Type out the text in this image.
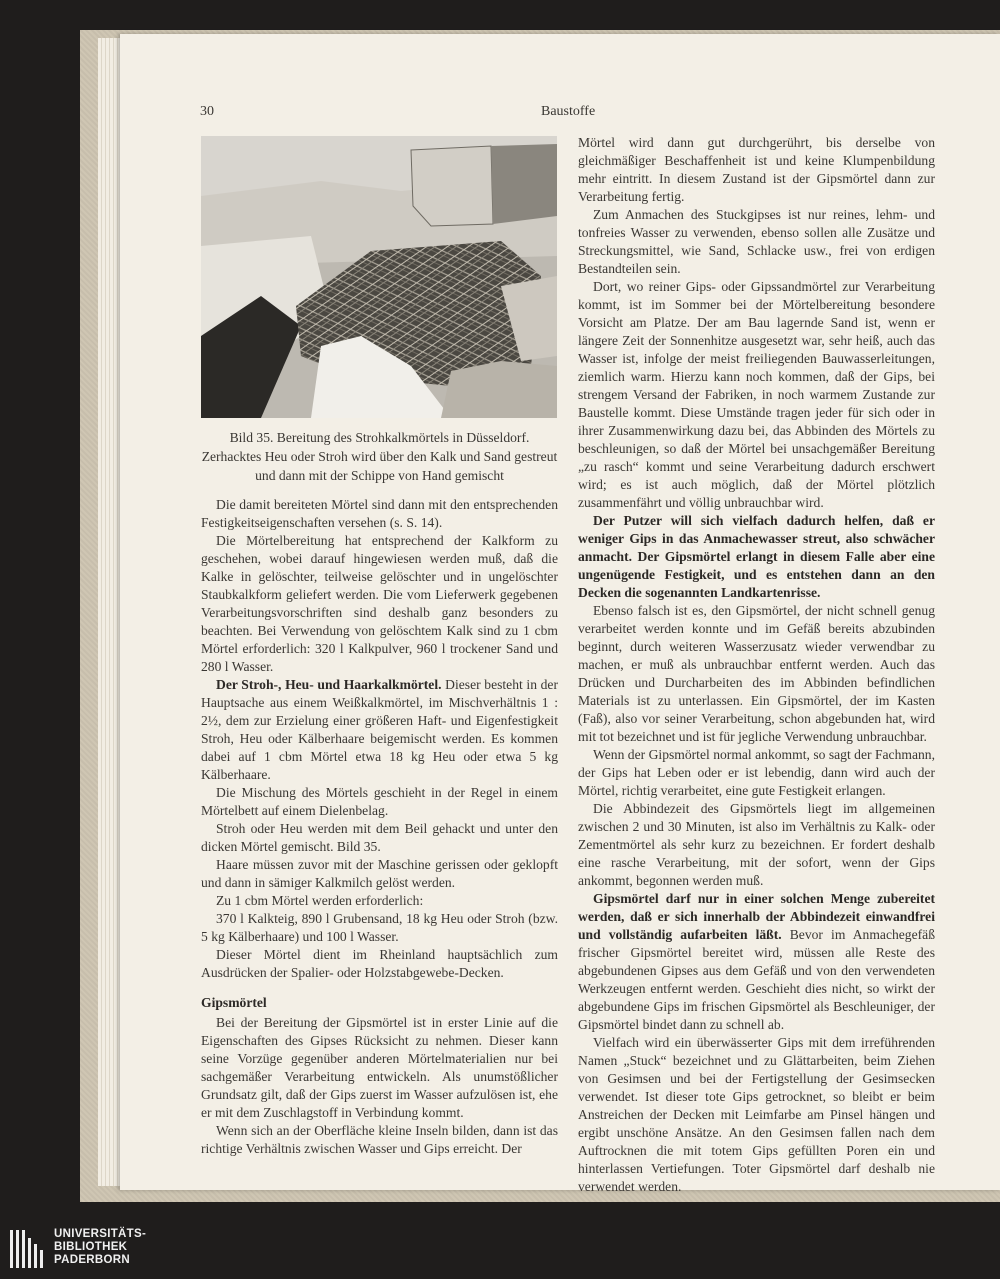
30	Baustoffe
Bild 35. Bereitung des Strohkalkmörtels in Düsseldorf. Zerhacktes Heu oder Stroh wird über den Kalk und Sand gestreut und dann mit der Schippe von Hand gemischt

Die damit bereiteten Mörtel sind dann mit den entsprechenden Festigkeitseigenschaften versehen (s. S. 14).

Die Mörtelbereitung hat entsprechend der Kalkform zu geschehen, wobei darauf hingewiesen werden muß, daß die Kalke in gelöschter, teilweise gelöschter und in ungelöschter Staubkalkform geliefert werden. Die vom Lieferwerk gegebenen Verarbeitungsvorschriften sind deshalb ganz besonders zu beachten. Bei Verwendung von gelöschtem Kalk sind zu 1 cbm Mörtel erforderlich: 320 l Kalkpulver, 960 l trockener Sand und 280 l Wasser.

Der Stroh-, Heu- und Haarkalkmörtel. Dieser besteht in der Hauptsache aus einem Weißkalkmörtel, im Mischverhältnis 1 : 2½, dem zur Erzielung einer größeren Haft- und Eigenfestigkeit Stroh, Heu oder Kälberhaare beigemischt werden. Es kommen dabei auf 1 cbm Mörtel etwa 18 kg Heu oder etwa 5 kg Kälberhaare.

Die Mischung des Mörtels geschieht in der Regel in einem Mörtelbett auf einem Dielenbelag.

Stroh oder Heu werden mit dem Beil gehackt und unter den dicken Mörtel gemischt. Bild 35.

Haare müssen zuvor mit der Maschine gerissen oder geklopft und dann in sämiger Kalkmilch gelöst werden.

Zu 1 cbm Mörtel werden erforderlich:

370 l Kalkteig, 890 l Grubensand, 18 kg Heu oder Stroh (bzw. 5 kg Kälberhaare) und 100 l Wasser.

Dieser Mörtel dient im Rheinland hauptsächlich zum Ausdrücken der Spalier- oder Holzstabgewebe-Decken.

Gipsmörtel

Bei der Bereitung der Gipsmörtel ist in erster Linie auf die Eigenschaften des Gipses Rücksicht zu nehmen. Dieser kann seine Vorzüge gegenüber anderen Mörtelmaterialien nur bei sachgemäßer Verarbeitung entwickeln. Als unumstößlicher Grundsatz gilt, daß der Gips zuerst im Wasser aufzulösen ist, ehe er mit dem Zuschlagstoff in Verbindung kommt.

Wenn sich an der Oberfläche kleine Inseln bilden, dann ist das richtige Verhältnis zwischen Wasser und Gips erreicht. Der

Mörtel wird dann gut durchgerührt, bis derselbe von gleichmäßiger Beschaffenheit ist und keine Klumpenbildung mehr eintritt. In diesem Zustand ist der Gipsmörtel dann zur Verarbeitung fertig.

Zum Anmachen des Stuckgipses ist nur reines, lehm- und tonfreies Wasser zu verwenden, ebenso sollen alle Zusätze und Streckungsmittel, wie Sand, Schlacke usw., frei von erdigen Bestandteilen sein.

Dort, wo reiner Gips- oder Gipssandmörtel zur Verarbeitung kommt, ist im Sommer bei der Mörtelbereitung besondere Vorsicht am Platze. Der am Bau lagernde Sand ist, wenn er längere Zeit der Sonnenhitze ausgesetzt war, sehr heiß, auch das Wasser ist, infolge der meist freiliegenden Bauwasserleitungen, ziemlich warm. Hierzu kann noch kommen, daß der Gips, bei strengem Versand der Fabriken, in noch warmem Zustande zur Baustelle kommt. Diese Umstände tragen jeder für sich oder in ihrer Zusammenwirkung dazu bei, das Abbinden des Mörtels zu beschleunigen, so daß der Mörtel bei unsachgemäßer Bereitung „zu rasch“ kommt und seine Verarbeitung dadurch erschwert wird; es ist auch möglich, daß der Mörtel plötzlich zusammenfährt und völlig unbrauchbar wird.

Der Putzer will sich vielfach dadurch helfen, daß er weniger Gips in das Anmachewasser streut, also schwächer anmacht. Der Gipsmörtel erlangt in diesem Falle aber eine ungenügende Festigkeit, und es entstehen dann an den Decken die sogenannten Landkartenrisse.

Ebenso falsch ist es, den Gipsmörtel, der nicht schnell genug verarbeitet werden konnte und im Gefäß bereits abzubinden beginnt, durch weiteren Wasserzusatz wieder verwendbar zu machen, er muß als unbrauchbar entfernt werden. Auch das Drücken und Durcharbeiten des im Abbinden befindlichen Materials ist zu unterlassen. Ein Gipsmörtel, der im Kasten (Faß), also vor seiner Verarbeitung, schon abgebunden hat, wird mit tot bezeichnet und ist für jegliche Verwendung unbrauchbar.

Wenn der Gipsmörtel normal ankommt, so sagt der Fachmann, der Gips hat Leben oder er ist lebendig, dann wird auch der Mörtel, richtig verarbeitet, eine gute Festigkeit erlangen.

Die Abbindezeit des Gipsmörtels liegt im allgemeinen zwischen 2 und 30 Minuten, ist also im Verhältnis zu Kalk- oder Zementmörtel als sehr kurz zu bezeichnen. Er fordert deshalb eine rasche Verarbeitung, mit der sofort, wenn der Gips ankommt, begonnen werden muß.

Gipsmörtel darf nur in einer solchen Menge zubereitet werden, daß er sich innerhalb der Abbindezeit einwandfrei und vollständig aufarbeiten läßt. Bevor im Anmachegefäß frischer Gipsmörtel bereitet wird, müssen alle Reste des abgebundenen Gipses aus dem Gefäß und von den verwendeten Werkzeugen entfernt werden. Geschieht dies nicht, so wirkt der abgebundene Gips im frischen Gipsmörtel als Beschleuniger, der Gipsmörtel bindet dann zu schnell ab.

Vielfach wird ein überwässerter Gips mit dem irreführenden Namen „Stuck“ bezeichnet und zu Glättarbeiten, beim Ziehen von Gesimsen und bei der Fertigstellung der Gesimsecken verwendet. Ist dieser tote Gips getrocknet, so bleibt er beim Anstreichen der Decken mit Leimfarbe am Pinsel hängen und ergibt unschöne Ansätze. An den Gesimsen fallen nach dem Auftrocknen die mit totem Gips gefüllten Poren ein und hinterlassen Vertiefungen. Toter Gipsmörtel darf deshalb nie verwendet werden.

UNIVERSITÄTS-
BIBLIOTHEK
PADERBORN
